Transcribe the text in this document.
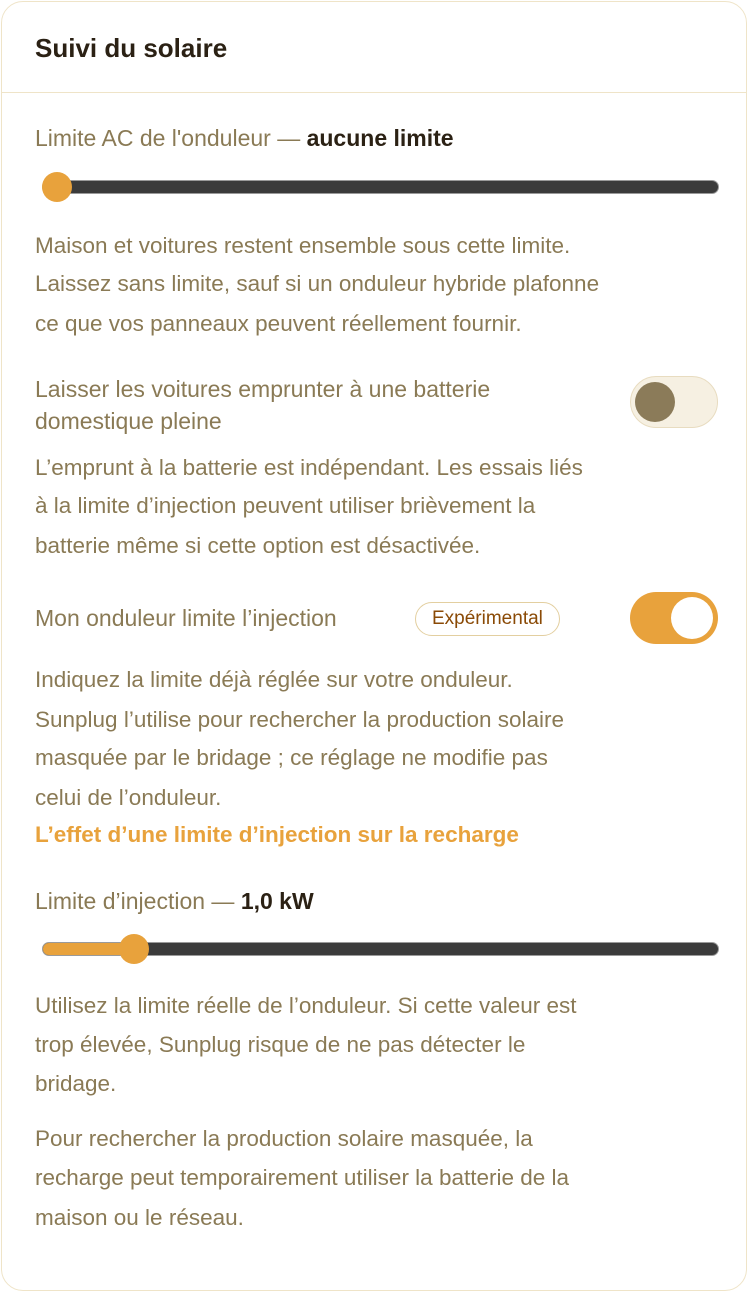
Suivi du solaire
Limite AC de l'onduleur — aucune limite

Maison et voitures restent ensemble sous cette limite.

Laissez sans limite, sauf si un onduleur hybride plafonne

ce que vos panneaux peuvent réellement fournir.

Laisser les voitures emprunter à une batterie
domestique pleine

L’emprunt à la batterie est indépendant. Les essais liés

à la limite d’injection peuvent utiliser brièvement la

batterie même si cette option est désactivée.

Mon onduleur limite l’injection	Expérimental

Indiquez la limite déjà réglée sur votre onduleur.

Sunplug l’utilise pour rechercher la production solaire

masquée par le bridage ; ce réglage ne modifie pas

celui de l’onduleur.

L’effet d’une limite d’injection sur la recharge
Limite d’injection — 1,0 kW

Utilisez la limite réelle de l’onduleur. Si cette valeur est

trop élevée, Sunplug risque de ne pas détecter le

bridage.

Pour rechercher la production solaire masquée, la

recharge peut temporairement utiliser la batterie de la

maison ou le réseau.
